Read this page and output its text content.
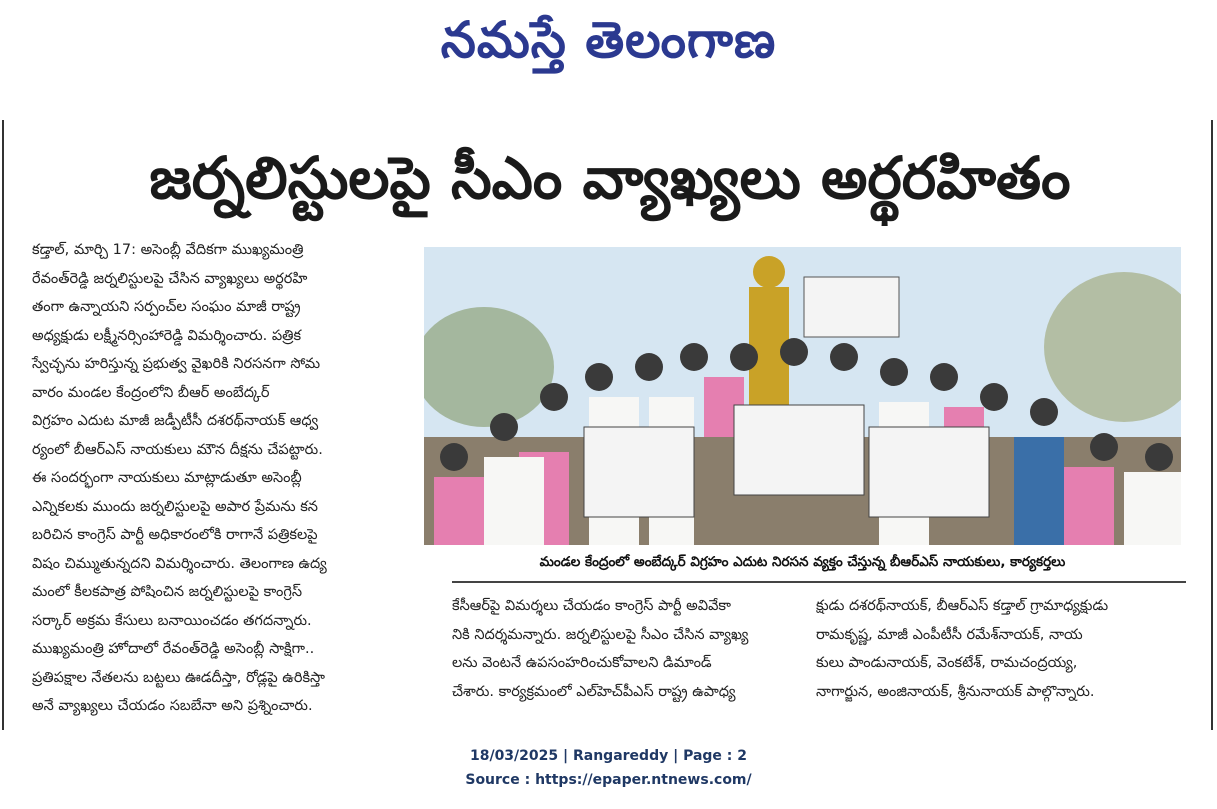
నమస్తే తెలంగాణ
జర్నలిస్టులపై సీఎం వ్యాఖ్యలు అర్థరహితం

కడ్తాల్, మార్చి 17: అసెంబ్లీ వేదికగా ముఖ్యమంత్రి

రేవంత్‌రెడ్డి జర్నలిస్టులపై చేసిన వ్యాఖ్యలు అర్థరహి

తంగా ఉన్నాయని సర్పంచ్‌ల సంఘం మాజీ రాష్ట్ర

అధ్యక్షుడు లక్ష్మీనర్సింహారెడ్డి విమర్శించారు. పత్రిక

స్వేచ్ఛను హరిస్తున్న ప్రభుత్వ వైఖరికి నిరసనగా సోమ

వారం మండల కేంద్రంలోని బీఆర్ అంబేద్కర్

విగ్రహం ఎదుట మాజీ జడ్పీటీసీ దశరథ్‌నాయక్ ఆధ్వ

ర్యంలో బీఆర్‌ఎస్ నాయకులు మౌన దీక్షను చేపట్టారు.

ఈ సందర్భంగా నాయకులు మాట్లాడుతూ అసెంబ్లీ

ఎన్నికలకు ముందు జర్నలిస్టులపై అపార ప్రేమను కన

బరిచిన కాంగ్రెస్ పార్టీ అధికారంలోకి రాగానే పత్రికలపై

విషం చిమ్ముతున్నదని విమర్శించారు. తెలంగాణ ఉద్య

మంలో కీలకపాత్ర పోషించిన జర్నలిస్టులపై కాంగ్రెస్

సర్కార్ అక్రమ కేసులు బనాయించడం తగదన్నారు.

ముఖ్యమంత్రి హోదాలో రేవంత్‌రెడ్డి అసెంబ్లీ సాక్షిగా..

ప్రతిపక్షాల నేతలను బట్టలు ఊడదీస్తా, రోడ్లపై ఉరికిస్తా

అనే వ్యాఖ్యలు చేయడం సబబేనా అని ప్రశ్నించారు.

మండల కేంద్రంలో అంబేద్కర్ విగ్రహం ఎదుట నిరసన వ్యక్తం చేస్తున్న బీఆర్‌ఎస్ నాయకులు, కార్యకర్తలు

కేసీఆర్‌పై విమర్శలు చేయడం కాంగ్రెస్ పార్టీ అవివేకా

నికి నిదర్శమన్నారు. జర్నలిస్టులపై సీఎం చేసిన వ్యాఖ్య

లను వెంటనే ఉపసంహరించుకోవాలని డిమాండ్

చేశారు. కార్యక్రమంలో ఎల్‌హెచ్‌పీఎస్ రాష్ట్ర ఉపాధ్య

క్షుడు దశరథ్‌నాయక్, బీఆర్‌ఎస్ కడ్తాల్ గ్రామాధ్యక్షుడు

రామకృష్ణ, మాజీ ఎంపీటీసీ రమేశ్‌నాయక్, నాయ

కులు పాండునాయక్, వెంకటేశ్, రామచంద్రయ్య,

నాగార్జున, అంజినాయక్, శ్రీనునాయక్ పాల్గొన్నారు.

18/03/2025 | Rangareddy | Page : 2
Source : https://epaper.ntnews.com/
